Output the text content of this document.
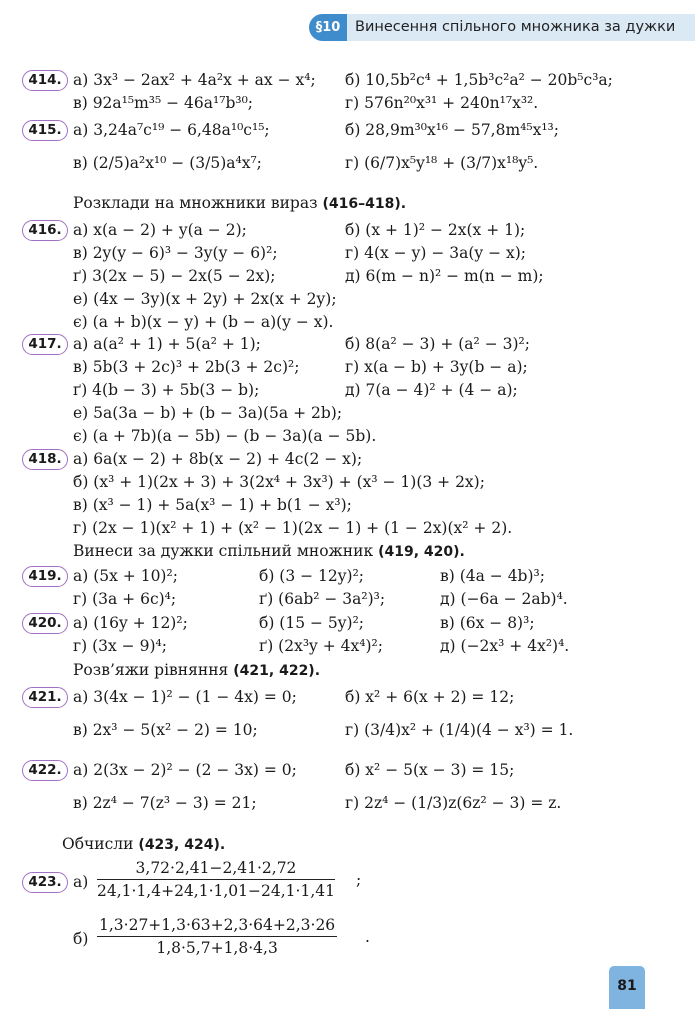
§10	Винесення спільного множника за дужки
414. а) 3x³ − 2ax² + 4a²x + ax − x⁴; б) 10,5b²c⁴ + 1,5b³c²a² − 20b⁵c³a;
в) 92a¹⁵m³⁵ − 46a¹⁷b³⁰;	г) 576n²⁰x³¹ + 240n¹⁷x³².
415. а) 3,24a⁷c¹⁹ − 6,48a¹⁰c¹⁵;	б) 28,9m³⁰x¹⁶ − 57,8m⁴⁵x¹³;
в) (2/5)a²x¹⁰ − (3/5)a⁴x⁷;	г) (6/7)x⁵y¹⁸ + (3/7)x¹⁸y⁵.
Розклади на множники вираз (416–418).
416. а) x(a − 2) + y(a − 2);	б) (x + 1)² − 2x(x + 1);
в) 2y(y − 6)³ − 3y(y − 6)²;	г) 4(x − y) − 3a(y − x);
ґ) 3(2x − 5) − 2x(5 − 2x);	д) 6(m − n)² − m(n − m);
е) (4x − 3y)(x + 2y) + 2x(x + 2y);
є) (a + b)(x − y) + (b − a)(y − x).
417. а) a(a² + 1) + 5(a² + 1);	б) 8(a² − 3) + (a² − 3)²;
в) 5b(3 + 2c)³ + 2b(3 + 2c)²;	г) x(a − b) + 3y(b − a);
ґ) 4(b − 3) + 5b(3 − b);	д) 7(a − 4)² + (4 − a);
е) 5a(3a − b) + (b − 3a)(5a + 2b);
є) (a + 7b)(a − 5b) − (b − 3a)(a − 5b).
418. а) 6a(x − 2) + 8b(x − 2) + 4c(2 − x);
б) (x³ + 1)(2x + 3) + 3(2x⁴ + 3x³) + (x³ − 1)(3 + 2x);
в) (x³ − 1) + 5a(x³ − 1) + b(1 − x³);
г) (2x − 1)(x² + 1) + (x² − 1)(2x − 1) + (1 − 2x)(x² + 2).
Винеси за дужки спільний множник (419, 420).
419. а) (5x + 10)²;	б) (3 − 12y)²;	в) (4a − 4b)³;
г) (3a + 6c)⁴;	ґ) (6ab² − 3a²)³;	д) (−6a − 2ab)⁴.
420. а) (16y + 12)²;	б) (15 − 5y)²;	в) (6x − 8)³;
г) (3x − 9)⁴;	ґ) (2x³y + 4x⁴)²;	д) (−2x³ + 4x²)⁴.
Розв’яжи рівняння (421, 422).
421. а) 3(4x − 1)² − (1 − 4x) = 0;	б) x² + 6(x + 2) = 12;
в) 2x³ − 5(x² − 2) = 10;	г) (3/4)x² + (1/4)(4 − x³) = 1.
422. а) 2(3x − 2)² − (2 − 3x) = 0;	б) x² − 5(x − 3) = 15;
в) 2z⁴ − 7(z³ − 3) = 21;	г) 2z⁴ − (1/3)z(6z² − 3) = z.
Обчисли (423, 424).
423. $а) \frac{3,72\cdot 2,41-2,41\cdot 2,72}{24,1\cdot 1,4+24,1\cdot 1,01-24,1\cdot 1,41}$ ;
$б) \frac{1,3\cdot 27+1,3\cdot 63+2,3\cdot 64+2,3\cdot 26}{1,8\cdot 5,7+1,8\cdot 4,3}$ .
81
